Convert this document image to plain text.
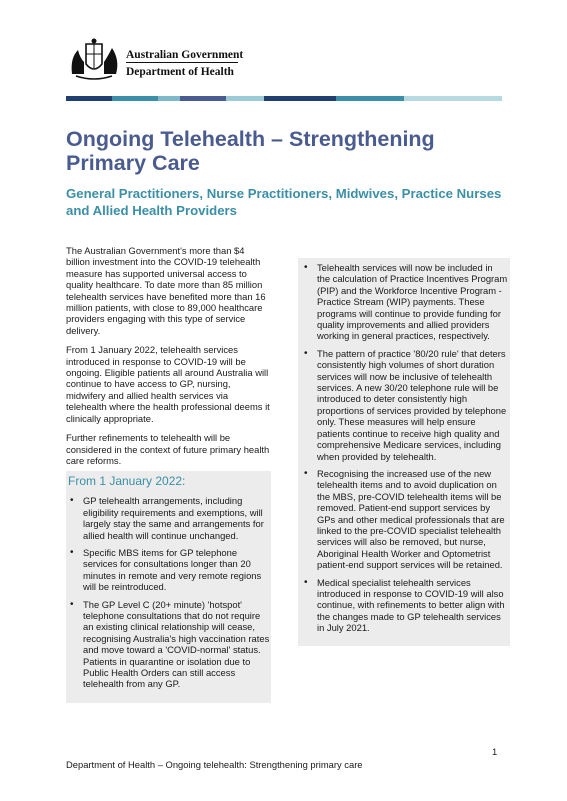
Australian Government
Department of Health
Ongoing Telehealth – Strengthening Primary Care
General Practitioners, Nurse Practitioners, Midwives, Practice Nurses and Allied Health Providers

The Australian Government's more than $4 billion investment into the COVID-19 telehealth measure has supported universal access to quality healthcare. To date more than 85 million telehealth services have benefited more than 16 million patients, with close to 89,000 healthcare providers engaging with this type of service delivery.

From 1 January 2022, telehealth services introduced in response to COVID-19 will be ongoing. Eligible patients all around Australia will continue to have access to GP, nursing, midwifery and allied health services via telehealth where the health professional deems it clinically appropriate.

Further refinements to telehealth will be considered in the context of future primary health care reforms.

From 1 January 2022:
• GP telehealth arrangements, including eligibility requirements and exemptions, will largely stay the same and arrangements for allied health will continue unchanged.
• Specific MBS items for GP telephone services for consultations longer than 20 minutes in remote and very remote regions will be reintroduced.
• The GP Level C (20+ minute) 'hotspot' telephone consultations that do not require an existing clinical relationship will cease, recognising Australia's high vaccination rates and move toward a 'COVID-normal' status. Patients in quarantine or isolation due to Public Health Orders can still access telehealth from any GP.
• Telehealth services will now be included in the calculation of Practice Incentives Program (PIP) and the Workforce Incentive Program - Practice Stream (WIP) payments. These programs will continue to provide funding for quality improvements and allied providers working in general practices, respectively.
• The pattern of practice '80/20 rule' that deters consistently high volumes of short duration services will now be inclusive of telehealth services. A new 30/20 telephone rule will be introduced to deter consistently high proportions of services provided by telephone only. These measures will help ensure patients continue to receive high quality and comprehensive Medicare services, including when provided by telehealth.
• Recognising the increased use of the new telehealth items and to avoid duplication on the MBS, pre-COVID telehealth items will be removed. Patient-end support services by GPs and other medical professionals that are linked to the pre-COVID specialist telehealth services will also be removed, but nurse, Aboriginal Health Worker and Optometrist patient-end support services will be retained.
• Medical specialist telehealth services introduced in response to COVID-19 will also continue, with refinements to better align with the changes made to GP telehealth services in July 2021.
1
Department of Health – Ongoing telehealth: Strengthening primary care
